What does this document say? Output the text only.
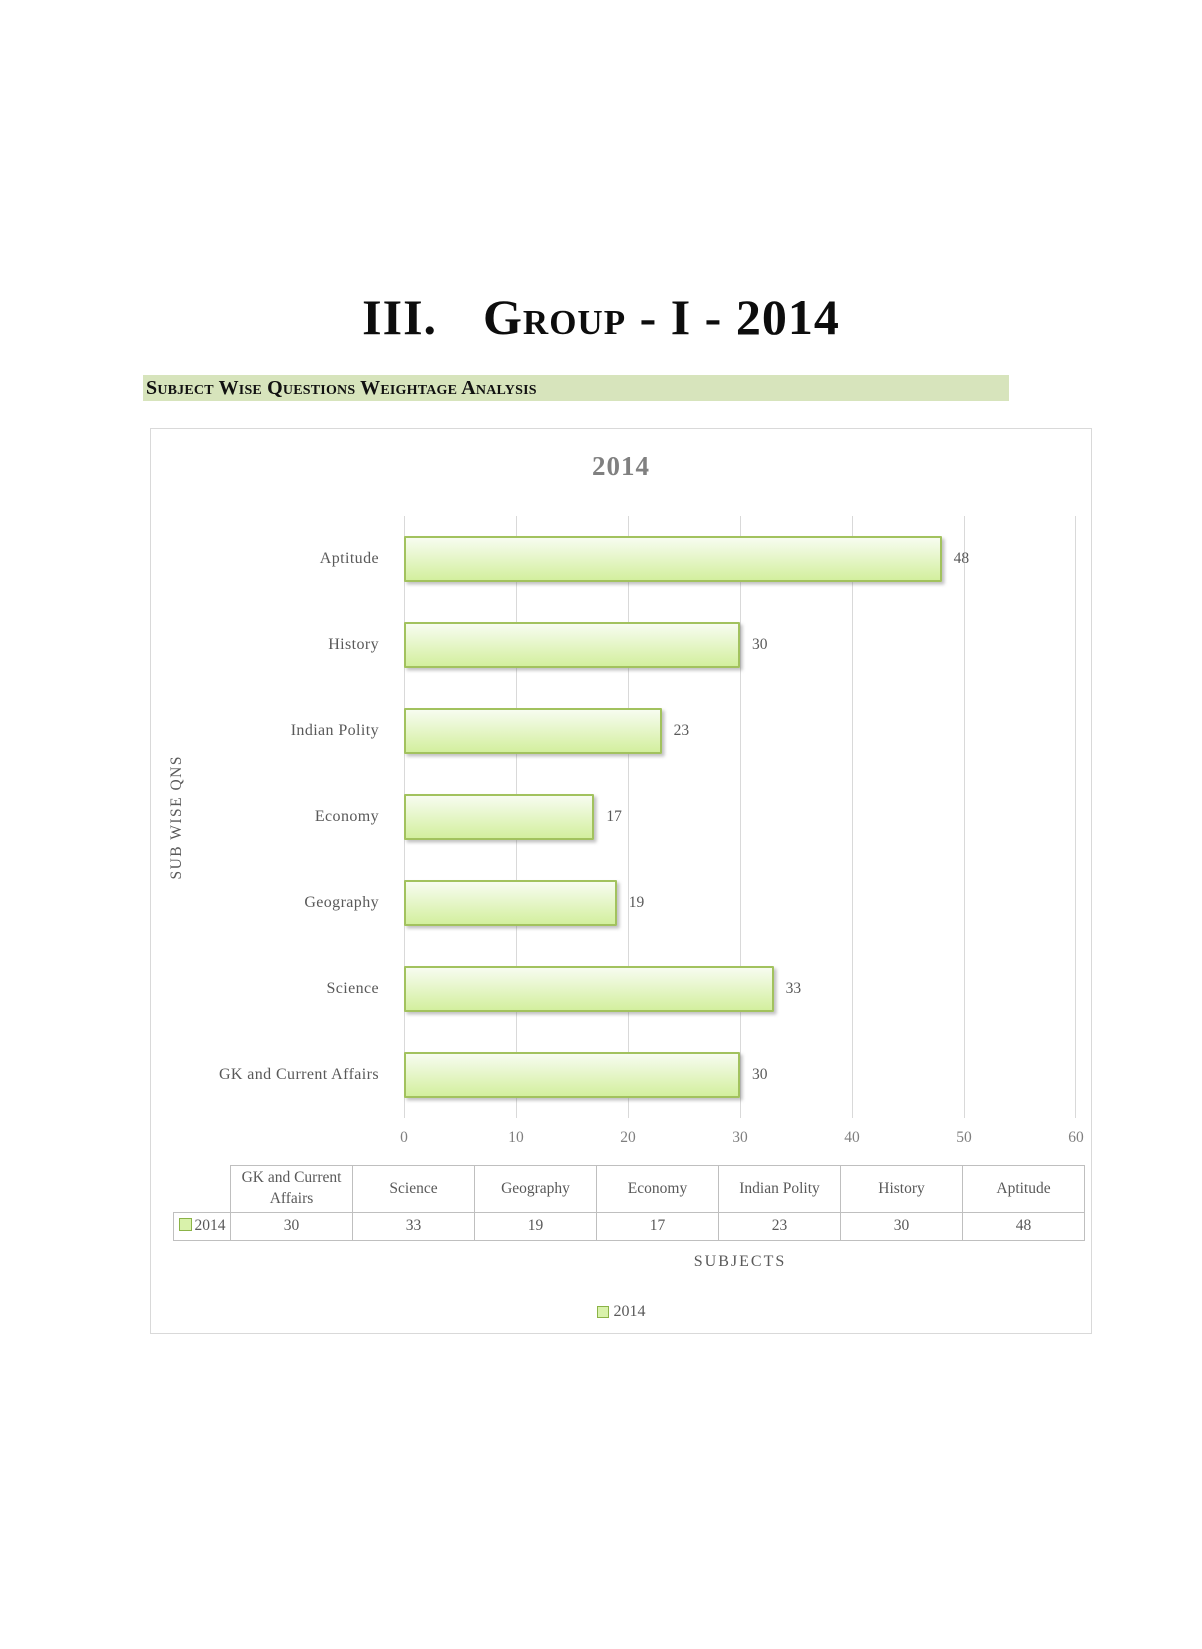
III. Group - I - 2014
Subject Wise Questions Weightage Analysis
2014
SUB WISE QNS
Aptitude	48
History	30
Indian Polity	23
Economy	17
Geography	19
Science	33
GK and Current Affairs	30
0	10	20	30	40	50	60
	GK and Current Affairs	Science	Geography	Economy	Indian Polity	History	Aptitude
2014	30	33	19	17	23	30	48
SUBJECTS
2014
